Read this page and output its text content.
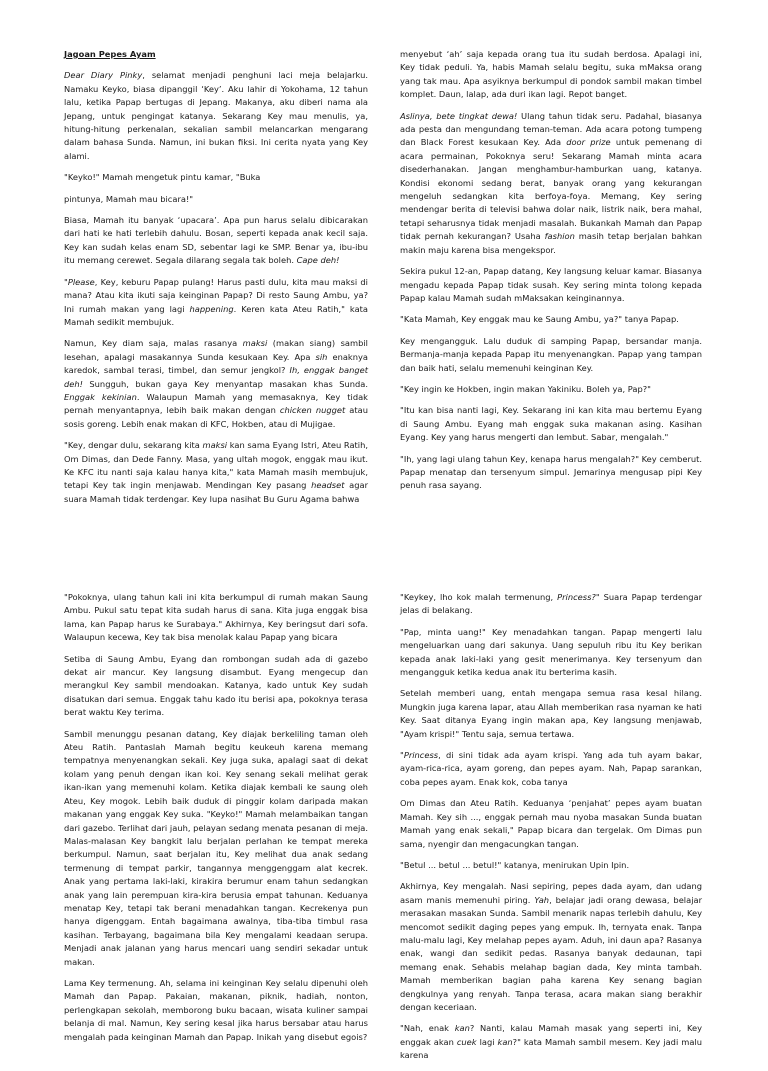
Jagoan Pepes Ayam

Dear Diary Pinky, selamat menjadi penghuni laci meja belajarku. Namaku Keyko, biasa dipanggil ‘Key’. Aku lahir di Yokohama, 12 tahun lalu, ketika Papap bertugas di Jepang. Makanya, aku diberi nama ala Jepang, untuk pengingat katanya. Sekarang Key mau menulis, ya, hitung-hitung perkenalan, sekalian sambil melancarkan mengarang dalam bahasa Sunda. Namun, ini bukan fiksi. Ini cerita nyata yang Key alami.

"Keyko!" Mamah mengetuk pintu kamar, "Buka

pintunya, Mamah mau bicara!"

Biasa, Mamah itu banyak ‘upacara’. Apa pun harus selalu dibicarakan dari hati ke hati terlebih dahulu. Bosan, seperti kepada anak kecil saja. Key kan sudah kelas enam SD, sebentar lagi ke SMP. Benar ya, ibu-ibu itu memang cerewet. Segala dilarang segala tak boleh. Cape deh!

"Please, Key, keburu Papap pulang! Harus pasti dulu, kita mau maksi di mana? Atau kita ikuti saja keinginan Papap? Di resto Saung Ambu, ya? Ini rumah makan yang lagi happening. Keren kata Ateu Ratih," kata Mamah sedikit membujuk.

Namun, Key diam saja, malas rasanya maksi (makan siang) sambil lesehan, apalagi masakannya Sunda kesukaan Key. Apa sih enaknya karedok, sambal terasi, timbel, dan semur jengkol? Ih, enggak banget deh! Sungguh, bukan gaya Key menyantap masakan khas Sunda. Enggak kekinian. Walaupun Mamah yang memasaknya, Key tidak pernah menyantapnya, lebih baik makan dengan chicken nugget atau sosis goreng. Lebih enak makan di KFC, Hokben, atau di Mujigae.

"Key, dengar dulu, sekarang kita maksi kan sama Eyang Istri, Ateu Ratih, Om Dimas, dan Dede Fanny. Masa, yang ultah mogok, enggak mau ikut. Ke KFC itu nanti saja kalau hanya kita," kata Mamah masih membujuk, tetapi Key tak ingin menjawab. Mendingan Key pasang headset agar suara Mamah tidak terdengar. Key lupa nasihat Bu Guru Agama bahwa

menyebut ‘ah’ saja kepada orang tua itu sudah berdosa. Apalagi ini, Key tidak peduli. Ya, habis Mamah selalu begitu, suka mMaksa orang yang tak mau. Apa asyiknya berkumpul di pondok sambil makan timbel komplet. Daun, lalap, ada duri ikan lagi. Repot banget.

Aslinya, bete tingkat dewa! Ulang tahun tidak seru. Padahal, biasanya ada pesta dan mengundang teman-teman. Ada acara potong tumpeng dan Black Forest kesukaan Key. Ada door prize untuk pemenang di acara permainan, Pokoknya seru! Sekarang Mamah minta acara disederhanakan. Jangan menghambur-hamburkan uang, katanya. Kondisi ekonomi sedang berat, banyak orang yang kekurangan mengeluh sedangkan kita berfoya-foya. Memang, Key sering mendengar berita di televisi bahwa dolar naik, listrik naik, bera mahal, tetapi seharusnya tidak menjadi masalah. Bukankah Mamah dan Papap tidak pernah kekurangan? Usaha fashion masih tetap berjalan bahkan makin maju karena bisa mengekspor.

Sekira pukul 12-an, Papap datang, Key langsung keluar kamar. Biasanya mengadu kepada Papap tidak susah. Key sering minta tolong kepada Papap kalau Mamah sudah mMaksakan keinginannya.

"Kata Mamah, Key enggak mau ke Saung Ambu, ya?" tanya Papap.

Key mengangguk. Lalu duduk di samping Papap, bersandar manja. Bermanja-manja kepada Papap itu menyenangkan. Papap yang tampan dan baik hati, selalu memenuhi keinginan Key.

"Key ingin ke Hokben, ingin makan Yakiniku. Boleh ya, Pap?"

"Itu kan bisa nanti lagi, Key. Sekarang ini kan kita mau bertemu Eyang di Saung Ambu. Eyang mah enggak suka makanan asing. Kasihan Eyang. Key yang harus mengerti dan lembut. Sabar, mengalah."

"Ih, yang lagi ulang tahun Key, kenapa harus mengalah?" Key cemberut. Papap menatap dan tersenyum simpul. Jemarinya mengusap pipi Key penuh rasa sayang.

"Pokoknya, ulang tahun kali ini kita berkumpul di rumah makan Saung Ambu. Pukul satu tepat kita sudah harus di sana. Kita juga enggak bisa lama, kan Papap harus ke Surabaya." Akhirnya, Key beringsut dari sofa. Walaupun kecewa, Key tak bisa menolak kalau Papap yang bicara

Setiba di Saung Ambu, Eyang dan rombongan sudah ada di gazebo dekat air mancur. Key langsung disambut. Eyang mengecup dan merangkul Key sambil mendoakan. Katanya, kado untuk Key sudah disatukan dari semua. Enggak tahu kado itu berisi apa, pokoknya terasa berat waktu Key terima.

Sambil menunggu pesanan datang, Key diajak berkeliling taman oleh Ateu Ratih. Pantaslah Mamah begitu keukeuh karena memang tempatnya menyenangkan sekali. Key juga suka, apalagi saat di dekat kolam yang penuh dengan ikan koi. Key senang sekali melihat gerak ikan-ikan yang memenuhi kolam. Ketika diajak kembali ke saung oleh Ateu, Key mogok. Lebih baik duduk di pinggir kolam daripada makan makanan yang enggak Key suka. "Keyko!" Mamah melambaikan tangan dari gazebo. Terlihat dari jauh, pelayan sedang menata pesanan di meja. Malas-malasan Key bangkit lalu berjalan perlahan ke tempat mereka berkumpul. Namun, saat berjalan itu, Key melihat dua anak sedang termenung di tempat parkir, tangannya menggenggam alat kecrek. Anak yang pertama laki-laki, kirakira berumur enam tahun sedangkan anak yang lain perempuan kira-kira berusia empat tahunan. Keduanya menatap Key, tetapi tak berani menadahkan tangan. Kecrekenya pun hanya digenggam. Entah bagaimana awalnya, tiba-tiba timbul rasa kasihan. Terbayang, bagaimana bila Key mengalami keadaan serupa. Menjadi anak jalanan yang harus mencari uang sendiri sekadar untuk makan.

Lama Key termenung. Ah, selama ini keinginan Key selalu dipenuhi oleh Mamah dan Papap. Pakaian, makanan, piknik, hadiah, nonton, perlengkapan sekolah, memborong buku bacaan, wisata kuliner sampai belanja di mal. Namun, Key sering kesal jika harus bersabar atau harus mengalah pada keinginan Mamah dan Papap. Inikah yang disebut egois?

"Keykey, lho kok malah termenung, Princess?" Suara Papap terdengar jelas di belakang.

"Pap, minta uang!" Key menadahkan tangan. Papap mengerti lalu mengeluarkan uang dari sakunya. Uang sepuluh ribu itu Key berikan kepada anak laki-laki yang gesit menerimanya. Key tersenyum dan mengangguk ketika kedua anak itu berterima kasih.

Setelah memberi uang, entah mengapa semua rasa kesal hilang. Mungkin juga karena lapar, atau Allah memberikan rasa nyaman ke hati Key. Saat ditanya Eyang ingin makan apa, Key langsung menjawab, "Ayam krispi!" Tentu saja, semua tertawa.

"Princess, di sini tidak ada ayam krispi. Yang ada tuh ayam bakar, ayam-rica-rica, ayam goreng, dan pepes ayam. Nah, Papap sarankan, coba pepes ayam. Enak kok, coba tanya

Om Dimas dan Ateu Ratih. Keduanya ‘penjahat’ pepes ayam buatan Mamah. Key sih ..., enggak pernah mau nyoba masakan Sunda buatan Mamah yang enak sekali," Papap bicara dan tergelak. Om Dimas pun sama, nyengir dan mengacungkan tangan.

"Betul ... betul ... betul!" katanya, menirukan Upin Ipin.

Akhirnya, Key mengalah. Nasi sepiring, pepes dada ayam, dan udang asam manis memenuhi piring. Yah, belajar jadi orang dewasa, belajar merasakan masakan Sunda. Sambil menarik napas terlebih dahulu, Key mencomot sedikit daging pepes yang empuk. Ih, ternyata enak. Tanpa malu-malu lagi, Key melahap pepes ayam. Aduh, ini daun apa? Rasanya enak, wangi dan sedikit pedas. Rasanya banyak dedaunan, tapi memang enak. Sehabis melahap bagian dada, Key minta tambah. Mamah memberikan bagian paha karena Key senang bagian dengkulnya yang renyah. Tanpa terasa, acara makan siang berakhir dengan keceriaan.

"Nah, enak kan? Nanti, kalau Mamah masak yang seperti ini, Key enggak akan cuek lagi kan?" kata Mamah sambil mesem. Key jadi malu karena
